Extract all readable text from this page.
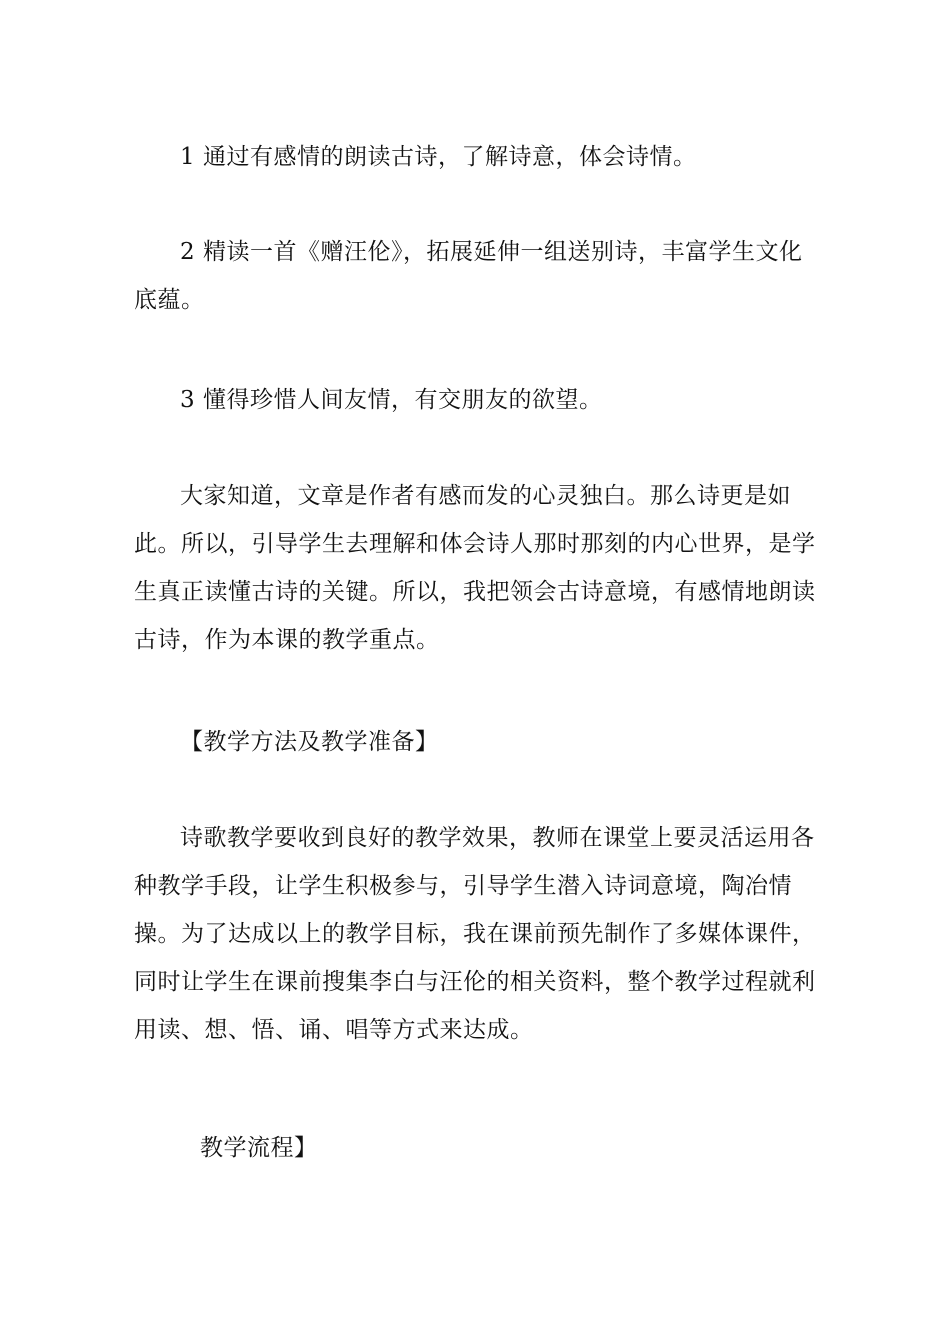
1 通过有感情的朗读古诗，了解诗意，体会诗情。

2 精读一首《赠汪伦》，拓展延伸一组送别诗，丰富学生文化底蕴。

3 懂得珍惜人间友情，有交朋友的欲望。

大家知道，文章是作者有感而发的心灵独白。那么诗更是如此。所以，引导学生去理解和体会诗人那时那刻的内心世界，是学生真正读懂古诗的关键。所以，我把领会古诗意境，有感情地朗读古诗，作为本课的教学重点。

【教学方法及教学准备】

诗歌教学要收到良好的教学效果，教师在课堂上要灵活运用各种教学手段，让学生积极参与，引导学生潜入诗词意境，陶冶情操。为了达成以上的教学目标，我在课前预先制作了多媒体课件，同时让学生在课前搜集李白与汪伦的相关资料，整个教学过程就利用读、想、悟、诵、唱等方式来达成。

教学流程】
